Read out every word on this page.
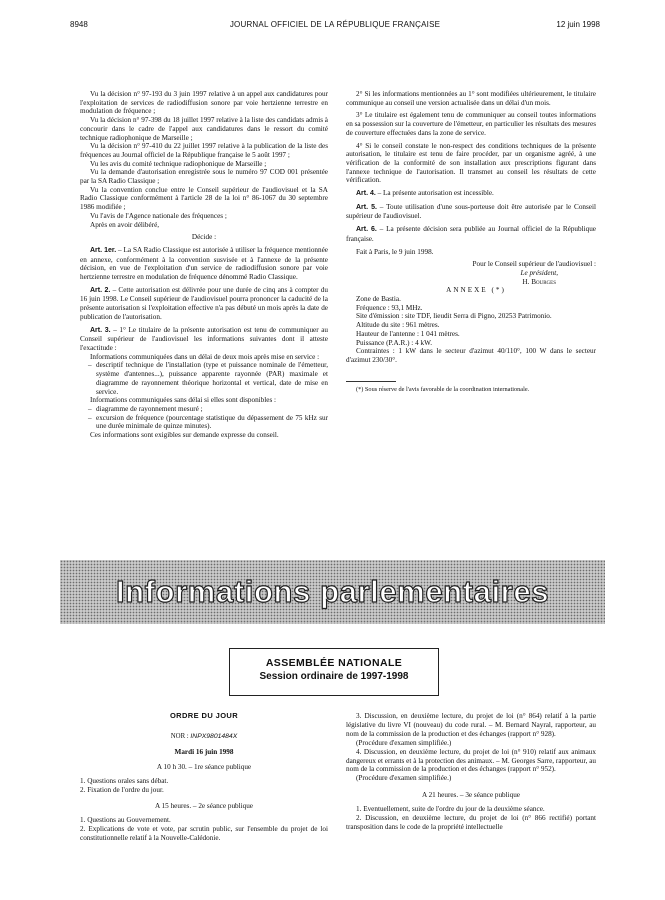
8948	JOURNAL OFFICIEL DE LA RÉPUBLIQUE FRANÇAISE	12 juin 1998

Vu la décision n° 97-193 du 3 juin 1997 relative à un appel aux candidatures pour l'exploitation de services de radiodiffusion sonore par voie hertzienne terrestre en modulation de fréquence ;

Vu la décision n° 97-398 du 18 juillet 1997 relative à la liste des candidats admis à concourir dans le cadre de l'appel aux candidatures dans le ressort du comité technique radiophonique de Marseille ;

Vu la décision n° 97-410 du 22 juillet 1997 relative à la publication de la liste des fréquences au Journal officiel de la République française le 5 août 1997 ;

Vu les avis du comité technique radiophonique de Marseille ;

Vu la demande d'autorisation enregistrée sous le numéro 97 COD 001 présentée par la SA Radio Classique ;

Vu la convention conclue entre le Conseil supérieur de l'audiovisuel et la SA Radio Classique conformément à l'article 28 de la loi n° 86-1067 du 30 septembre 1986 modifiée ;

Vu l'avis de l'Agence nationale des fréquences ;

Après en avoir délibéré,

Décide :

Art. 1er. – La SA Radio Classique est autorisée à utiliser la fréquence mentionnée en annexe, conformément à la convention susvisée et à l'annexe de la présente décision, en vue de l'exploitation d'un service de radiodiffusion sonore par voie hertzienne terrestre en modulation de fréquence dénommé Radio Classique.

Art. 2. – Cette autorisation est délivrée pour une durée de cinq ans à compter du 16 juin 1998. Le Conseil supérieur de l'audiovisuel pourra prononcer la caducité de la présente autorisation si l'exploitation effective n'a pas débuté un mois après la date de publication de l'autorisation.

Art. 3. – 1° Le titulaire de la présente autorisation est tenu de communiquer au Conseil supérieur de l'audiovisuel les informations suivantes dont il atteste l'exactitude :

Informations communiquées dans un délai de deux mois après mise en service :

– descriptif technique de l'installation (type et puissance nominale de l'émetteur, système d'antennes...), puissance apparente rayonnée (PAR) maximale et diagramme de rayonnement théorique horizontal et vertical, date de mise en service.

Informations communiquées sans délai si elles sont disponibles :

– diagramme de rayonnement mesuré ;

– excursion de fréquence (pourcentage statistique du dépassement de 75 kHz sur une durée minimale de quinze minutes).

Ces informations sont exigibles sur demande expresse du conseil.

2° Si les informations mentionnées au 1° sont modifiées ultérieurement, le titulaire communique au conseil une version actualisée dans un délai d'un mois.

3° Le titulaire est également tenu de communiquer au conseil toutes informations en sa possession sur la couverture de l'émetteur, en particulier les résultats des mesures de couverture effectuées dans la zone de service.

4° Si le conseil constate le non-respect des conditions techniques de la présente autorisation, le titulaire est tenu de faire procéder, par un organisme agréé, à une vérification de la conformité de son installation aux prescriptions figurant dans l'annexe technique de l'autorisation. Il transmet au conseil les résultats de cette vérification.

Art. 4. – La présente autorisation est incessible.

Art. 5. – Toute utilisation d'une sous-porteuse doit être autorisée par le Conseil supérieur de l'audiovisuel.

Art. 6. – La présente décision sera publiée au Journal officiel de la République française.

Fait à Paris, le 9 juin 1998.

Pour le Conseil supérieur de l'audiovisuel :

Le président,

H. Bourges

ANNEXE (*)

Zone de Bastia.

Fréquence : 93,1 MHz.

Site d'émission : site TDF, lieudit Serra di Pigno, 20253 Patrimonio.

Altitude du site : 961 mètres.

Hauteur de l'antenne : 1 041 mètres.

Puissance (P.A.R.) : 4 kW.

Contraintes : 1 kW dans le secteur d'azimut 40/110°, 100 W dans le secteur d'azimut 230/30°.

(*) Sous réserve de l'avis favorable de la coordination internationale.

Informations parlementaires
ASSEMBLÉE NATIONALE
Session ordinaire de 1997-1998

ORDRE DU JOUR

NOR : INPX9801484X

Mardi 16 juin 1998

A 10 h 30. – 1re séance publique

1. Questions orales sans débat.

2. Fixation de l'ordre du jour.

A 15 heures. – 2e séance publique

1. Questions au Gouvernement.

2. Explications de vote et vote, par scrutin public, sur l'ensemble du projet de loi constitutionnelle relatif à la Nouvelle-Calédonie.

3. Discussion, en deuxième lecture, du projet de loi (n° 864) relatif à la partie législative du livre VI (nouveau) du code rural. – M. Bernard Nayral, rapporteur, au nom de la commission de la production et des échanges (rapport n° 928).

(Procédure d'examen simplifiée.)

4. Discussion, en deuxième lecture, du projet de loi (n° 910) relatif aux animaux dangereux et errants et à la protection des animaux. – M. Georges Sarre, rapporteur, au nom de la commission de la production et des échanges (rapport n° 952).

(Procédure d'examen simplifiée.)

A 21 heures. – 3e séance publique

1. Eventuellement, suite de l'ordre du jour de la deuxième séance.

2. Discussion, en deuxième lecture, du projet de loi (n° 866 rectifié) portant transposition dans le code de la propriété intellectuelle
